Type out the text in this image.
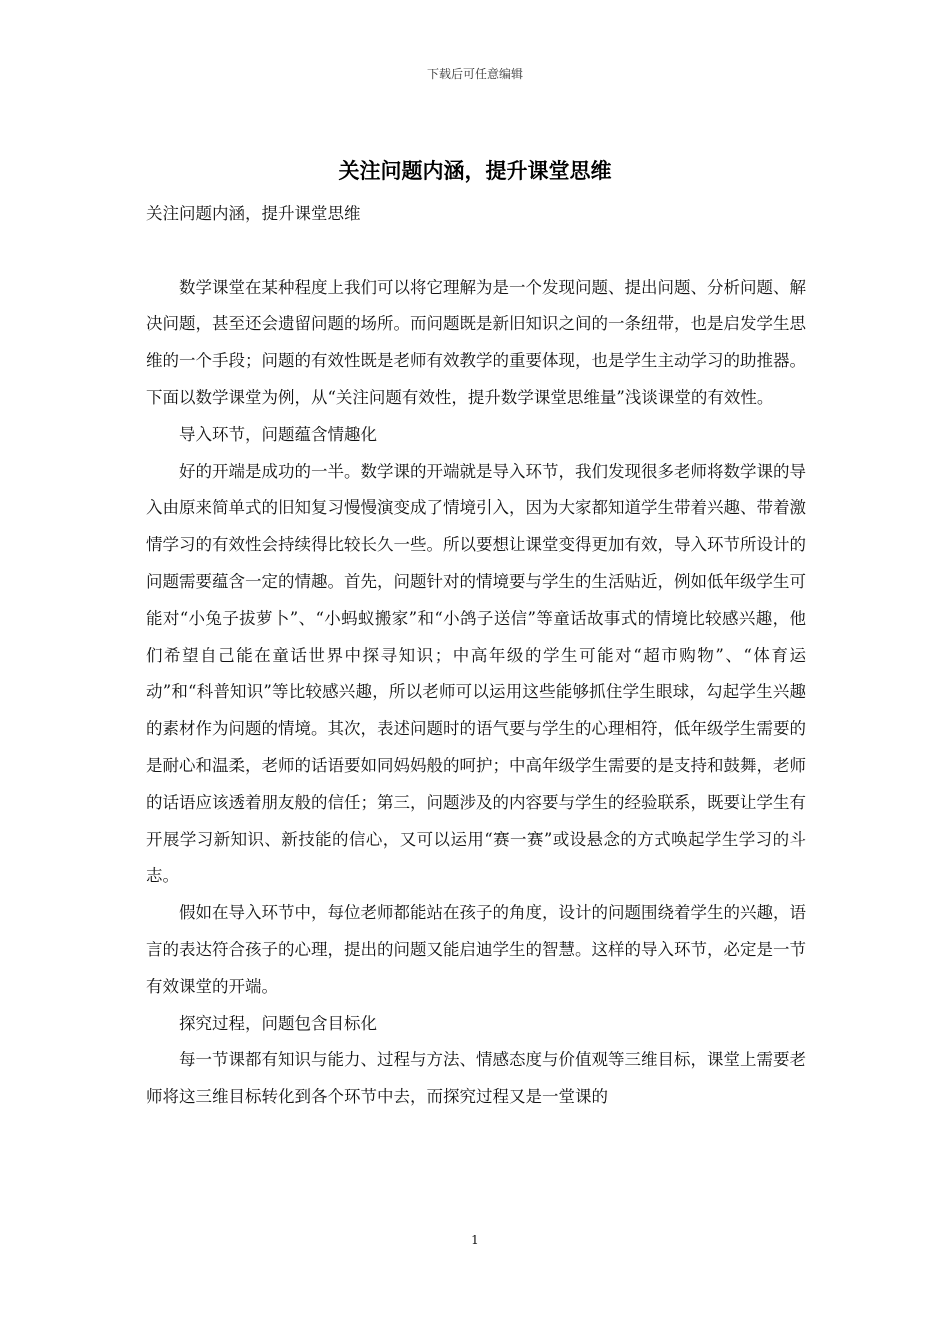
下载后可任意编辑
关注问题内涵，提升课堂思维

关注问题内涵，提升课堂思维

数学课堂在某种程度上我们可以将它理解为是一个发现问题、提出问题、分析问题、解决问题，甚至还会遗留问题的场所。而问题既是新旧知识之间的一条纽带，也是启发学生思维的一个手段；问题的有效性既是老师有效教学的重要体现，也是学生主动学习的助推器。下面以数学课堂为例，从“关注问题有效性，提升数学课堂思维量”浅谈课堂的有效性。

导入环节，问题蕴含情趣化

好的开端是成功的一半。数学课的开端就是导入环节，我们发现很多老师将数学课的导入由原来简单式的旧知复习慢慢演变成了情境引入，因为大家都知道学生带着兴趣、带着激情学习的有效性会持续得比较长久一些。所以要想让课堂变得更加有效，导入环节所设计的问题需要蕴含一定的情趣。首先，问题针对的情境要与学生的生活贴近，例如低年级学生可能对“小兔子拔萝卜”、“小蚂蚁搬家”和“小鸽子送信”等童话故事式的情境比较感兴趣，他们希望自己能在童话世界中探寻知识；中高年级的学生可能对“超市购物”、“体育运动”和“科普知识”等比较感兴趣，所以老师可以运用这些能够抓住学生眼球，勾起学生兴趣的素材作为问题的情境。其次，表述问题时的语气要与学生的心理相符，低年级学生需要的是耐心和温柔，老师的话语要如同妈妈般的呵护；中高年级学生需要的是支持和鼓舞，老师的话语应该透着朋友般的信任；第三，问题涉及的内容要与学生的经验联系，既要让学生有开展学习新知识、新技能的信心，又可以运用“赛一赛”或设悬念的方式唤起学生学习的斗志。

假如在导入环节中，每位老师都能站在孩子的角度，设计的问题围绕着学生的兴趣，语言的表达符合孩子的心理，提出的问题又能启迪学生的智慧。这样的导入环节，必定是一节有效课堂的开端。

探究过程，问题包含目标化

每一节课都有知识与能力、过程与方法、情感态度与价值观等三维目标，课堂上需要老师将这三维目标转化到各个环节中去，而探究过程又是一堂课的

1
